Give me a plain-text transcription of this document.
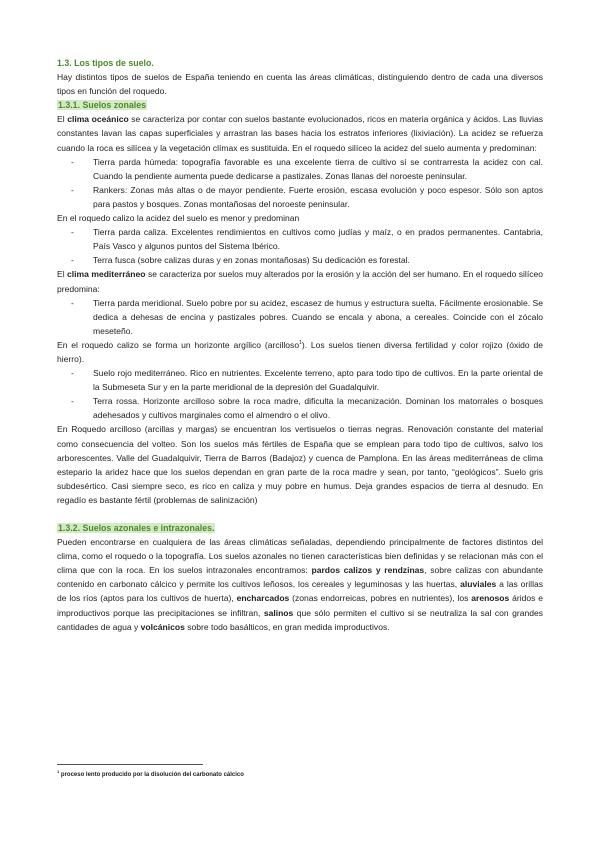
1.3. Los tipos de suelo.

Hay distintos tipos de suelos de España teniendo en cuenta las áreas climáticas, distinguiendo dentro de cada una diversos tipos en función del roquedo.

1.3.1. Suelos zonales

El clima oceánico se caracteriza por contar con suelos bastante evolucionados, ricos en materia orgánica y ácidos. Las lluvias constantes lavan las capas superficiales y arrastran las bases hacia los estratos inferiores (lixiviación). La acidez se refuerza cuando la roca es silícea y la vegetación clímax es sustituida. En el roquedo silíceo la acidez del suelo aumenta y predominan:

- Tierra parda húmeda: topografía favorable es una excelente tierra de cultivo si se contrarresta la acidez con cal. Cuando la pendiente aumenta puede dedicarse a pastizales. Zonas llanas del noroeste peninsular.
- Rankers: Zonas más altas o de mayor pendiente. Fuerte erosión, escasa evolución y poco espesor. Sólo son aptos para pastos y bosques. Zonas montañosas del noroeste peninsular.

En el roquedo calizo la acidez del suelo es menor y predominan

- Tierra parda caliza. Excelentes rendimientos en cultivos como judías y maíz, o en prados permanentes. Cantabria, País Vasco y algunos puntos del Sistema Ibérico.
- Terra fusca (sobre calizas duras y en zonas montañosas) Su dedicación es forestal.

El clima mediterráneo se caracteriza por suelos muy alterados por la erosión y la acción del ser humano. En el roquedo silíceo predomina:

- Tierra parda meridional. Suelo pobre por su acidez, escasez de humus y estructura suelta. Fácilmente erosionable. Se dedica a dehesas de encina y pastizales pobres. Cuando se encala y abona, a cereales. Coincide con el zócalo meseteño.

En el roquedo calizo se forma un horizonte argílico (arcilloso$^1$). Los suelos tienen diversa fertilidad y color rojizo (óxido de hierro).

- Suelo rojo mediterráneo. Rico en nutrientes. Excelente terreno, apto para todo tipo de cultivos. En la parte oriental de la Submeseta Sur y en la parte meridional de la depresión del Guadalquivir.
- Terra rossa. Horizonte arcilloso sobre la roca madre, dificulta la mecanización. Dominan los matorrales o bosques adehesados y cultivos marginales como el almendro o el olivo.

En Roquedo arcilloso (arcillas y margas) se encuentran los vertisuelos o tierras negras. Renovación constante del material como consecuencia del volteo. Son los suelos más fértiles de España que se emplean para todo tipo de cultivos, salvo los arborescentes. Valle del Guadalquivir, Tierra de Barros (Badajoz) y cuenca de Pamplona. En las áreas mediterráneas de clima estepario la aridez hace que los suelos dependan en gran parte de la roca madre y sean, por tanto, “geológicos”. Suelo gris subdesértico. Casi siempre seco, es rico en caliza y muy pobre en humus. Deja grandes espacios de tierra al desnudo. En regadío es bastante fértil (problemas de salinización)

1.3.2. Suelos azonales e intrazonales.

Pueden encontrarse en cualquiera de las áreas climáticas señaladas, dependiendo principalmente de factores distintos del clima, como el roquedo o la topografía. Los suelos azonales no tienen características bien definidas y se relacionan más con el clima que con la roca. En los suelos intrazonales encontramos: pardos calizos y rendzinas, sobre calizas con abundante contenido en carbonato cálcico y permite los cultivos leñosos, los cereales y leguminosas y las huertas, aluviales a las orillas de los ríos (aptos para los cultivos de huerta), encharcados (zonas endorreicas, pobres en nutrientes), los arenosos áridos e improductivos porque las precipitaciones se infiltran, salinos que sólo permiten el cultivo si se neutraliza la sal con grandes cantidades de agua y volcánicos sobre todo basálticos, en gran medida improductivos.

$^1$ proceso lento producido por la disolución del carbonato cálcico
